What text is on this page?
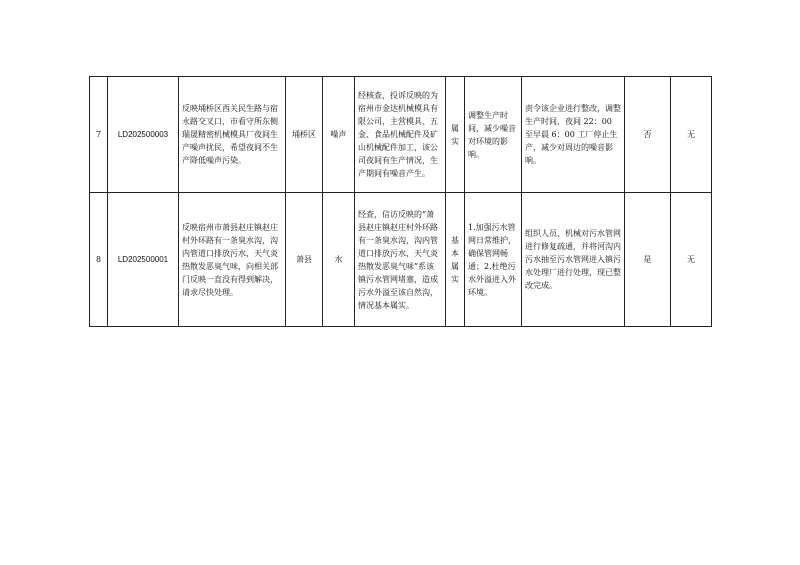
7	LD202500003	反映埇桥区西关民生路与宿永路交叉口，市看守所东侧瑞晟精密机械模具厂夜间生产噪声扰民，希望夜间不生产降低噪声污染。	埇桥区	噪声	经核查，投诉反映的为宿州市金达机械模具有限公司，主营模具、五金、食品机械配件及矿山机械配件加工，该公司夜间有生产情况，生产期间有噪音产生。	属实	调整生产时间，减少噪音对环境的影响。	责令该企业进行整改，调整生产时间，夜间 22：00 至早晨 6：00 工厂停止生产，减少对周边的噪音影响。	否	无
8	LD202500001	反映宿州市萧县赵庄镇赵庄村外环路有一条臭水沟，沟内管道口排放污水，天气炎热散发恶臭气味，向相关部门反映一直没有得到解决，请求尽快处理。	萧县	水	经查，信访反映的“萧县赵庄镇赵庄村外环路有一条臭水沟，沟内管道口排放污水，天气炎热散发恶臭气味”系该镇污水管网堵塞，造成污水外溢至该自然沟，情况基本属实。	基本属实	1.加强污水管网日常维护，确保管网畅通；2.杜绝污水外溢进入外环境。	组织人员、机械对污水管网进行修复疏通，并将河沟内污水抽至污水管网进入镇污水处理厂进行处理，现已整改完成。	是	无
